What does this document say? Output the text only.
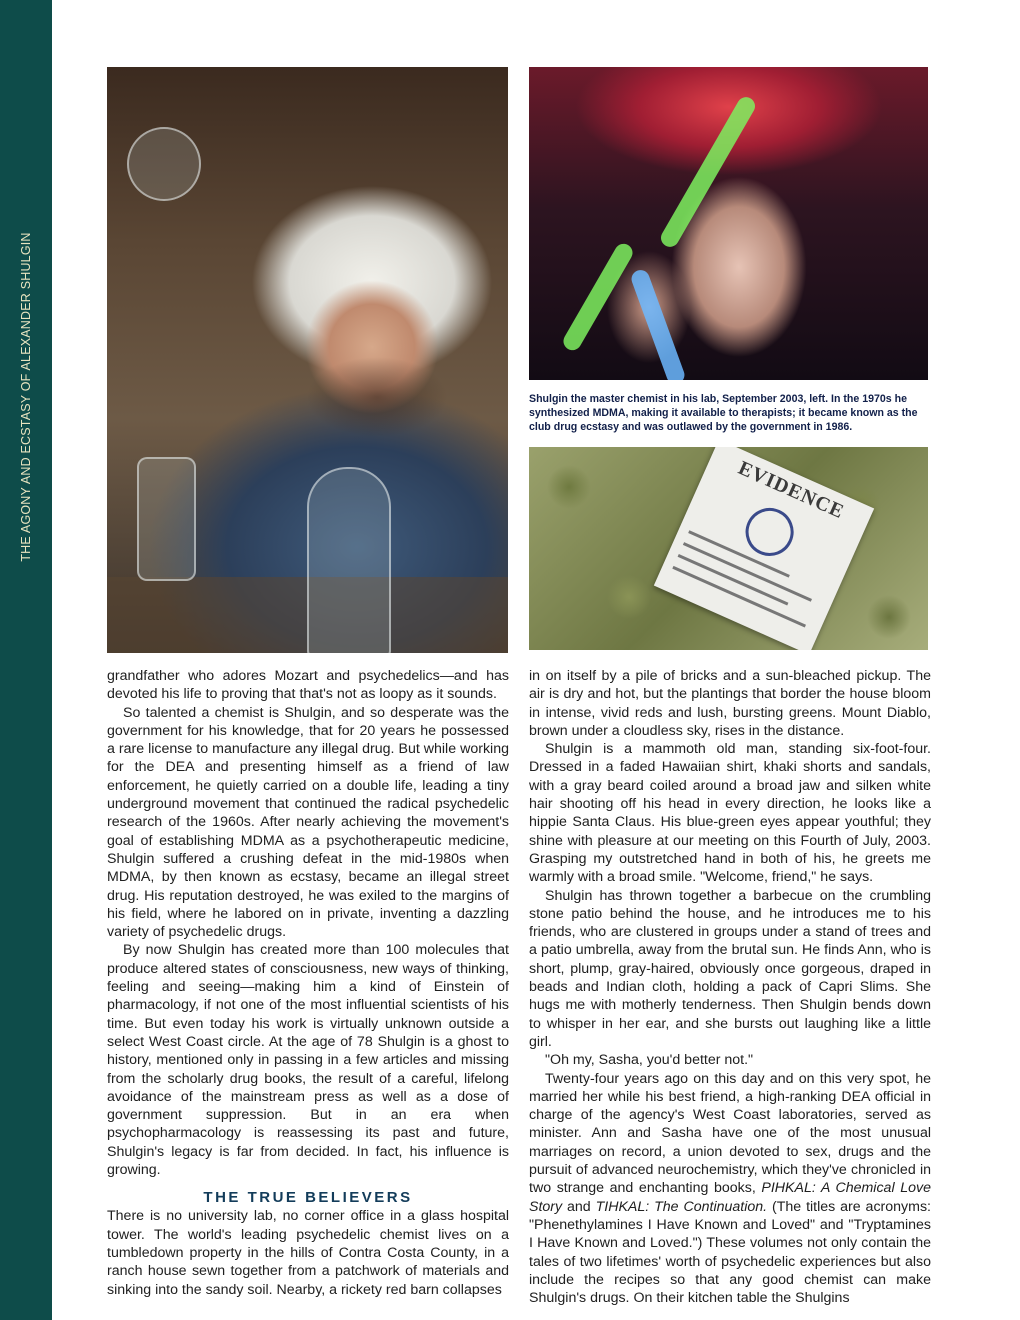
THE AGONY AND ECSTASY OF ALEXANDER SHULGIN	Shulgin the master chemist in his lab, September 2003, left. In the 1970s he synthesized MDMA, making it available to therapists; it became known as the club drug ecstasy and was outlawed by the government in 1986.
EVIDENCE

grandfather who adores Mozart and psychedelics—and has devoted his life to proving that that's not as loopy as it sounds.

So talented a chemist is Shulgin, and so desperate was the government for his knowledge, that for 20 years he possessed a rare license to manufacture any illegal drug. But while working for the DEA and presenting himself as a friend of law enforcement, he quietly carried on a double life, leading a tiny underground movement that continued the radical psychedelic research of the 1960s. After nearly achieving the movement's goal of establishing MDMA as a psychotherapeutic medicine, Shulgin suffered a crushing defeat in the mid-1980s when MDMA, by then known as ecstasy, became an illegal street drug. His reputation destroyed, he was exiled to the margins of his field, where he labored on in private, inventing a dazzling variety of psychedelic drugs.

By now Shulgin has created more than 100 molecules that produce altered states of consciousness, new ways of thinking, feeling and seeing—making him a kind of Einstein of pharmacology, if not one of the most influential scientists of his time. But even today his work is virtually unknown outside a select West Coast circle. At the age of 78 Shulgin is a ghost to history, mentioned only in passing in a few articles and missing from the scholarly drug books, the result of a careful, lifelong avoidance of the mainstream press as well as a dose of government suppression. But in an era when psychopharmacology is reassessing its past and future, Shulgin's legacy is far from decided. In fact, his influence is growing.

THE TRUE BELIEVERS

There is no university lab, no corner office in a glass hospital tower. The world's leading psychedelic chemist lives on a tumbledown property in the hills of Contra Costa County, in a ranch house sewn together from a patchwork of materials and sinking into the sandy soil. Nearby, a rickety red barn collapses

in on itself by a pile of bricks and a sun-bleached pickup. The air is dry and hot, but the plantings that border the house bloom in intense, vivid reds and lush, bursting greens. Mount Diablo, brown under a cloudless sky, rises in the distance.

Shulgin is a mammoth old man, standing six-foot-four. Dressed in a faded Hawaiian shirt, khaki shorts and sandals, with a gray beard coiled around a broad jaw and silken white hair shooting off his head in every direction, he looks like a hippie Santa Claus. His blue-green eyes appear youthful; they shine with pleasure at our meeting on this Fourth of July, 2003. Grasping my outstretched hand in both of his, he greets me warmly with a broad smile. "Welcome, friend," he says.

Shulgin has thrown together a barbecue on the crumbling stone patio behind the house, and he introduces me to his friends, who are clustered in groups under a stand of trees and a patio umbrella, away from the brutal sun. He finds Ann, who is short, plump, gray-haired, obviously once gorgeous, draped in beads and Indian cloth, holding a pack of Capri Slims. She hugs me with motherly tenderness. Then Shulgin bends down to whisper in her ear, and she bursts out laughing like a little girl.

"Oh my, Sasha, you'd better not."

Twenty-four years ago on this day and on this very spot, he married her while his best friend, a high-ranking DEA official in charge of the agency's West Coast laboratories, served as minister. Ann and Sasha have one of the most unusual marriages on record, a union devoted to sex, drugs and the pursuit of advanced neurochemistry, which they've chronicled in two strange and enchanting books, PIHKAL: A Chemical Love Story and TIHKAL: The Continuation. (The titles are acronyms: "Phenethylamines I Have Known and Loved" and "Tryptamines I Have Known and Loved.") These volumes not only contain the tales of two lifetimes' worth of psychedelic experiences but also include the recipes so that any good chemist can make Shulgin's drugs. On their kitchen table the Shulgins
